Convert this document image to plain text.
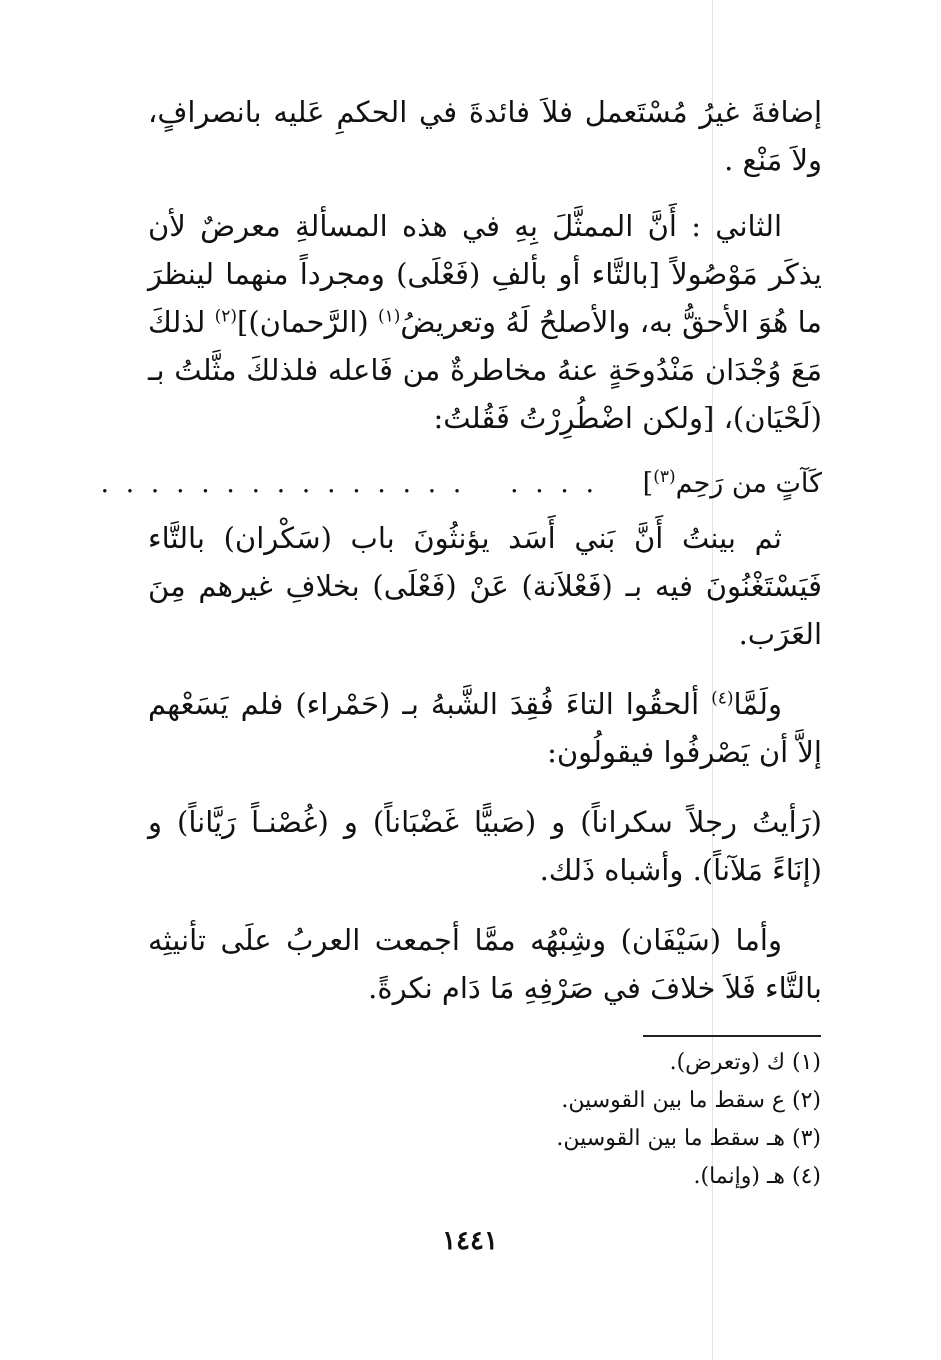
إضافةَ غيرُ مُسْتَعمل فلاَ فائدةَ في الحكمِ عَليه بانصرافٍ، ولاَ مَنْع .

الثاني : أَنَّ الممثَّلَ بِهِ في هذه المسألةِ معرضٌ لأن يذكَر مَوْصُولاً [بالتَّاء أو بألفِ (فَعْلَى) ومجرداً منهما لينظرَ ما هُوَ الأحقُّ به، والأصلحُ لَهُ وتعريضُ$^{(١)}$ (الرَّحمان)]$^{(٢)}$ لذلكَ مَعَ وُجْدَان مَنْدُوحَةٍ عنهُ مخاطرةٌ من فَاعله فلذلكَ مثَّلتُ بـ (لَحْيَان)، [ولكن اضْطُرِرْتُ فَقُلتُ:

كَآتٍ من رَحِم$^{(٣)}$] . . . . . . . . . . . . . . . . . . .

ثم بينتُ أَنَّ بَني أَسَد يؤنثُونَ باب (سَكْران) بالتَّاء فَيَسْتَغْنُونَ فيه بـ (فَعْلاَنة) عَنْ (فَعْلَى) بخلافِ غيرهم مِنَ العَرَب.

ولَمَّا$^{(٤)}$ ألحقُوا التاءَ فُقِدَ الشَّبهُ بـ (حَمْراء) فلم يَسَعْهم إلاَّ أن يَصْرفُوا فيقولُون:

(رَأيتُ رجلاً سكراناً) و (صَبيًّا غَضْبَاناً) و (غُصْنـاً رَيَّاناً) و (إنَاءً مَلآناً). وأشباه ذَلك.

وأما (سَيْفَان) وشِبْهُه ممَّا أجمعت العربُ علَى تأنيثِه بالتَّاء فَلاَ خلافَ في صَرْفِهِ مَا دَام نكرةً.

(١) ك (وتعرض).

(٢) ع سقط ما بين القوسين.

(٣) هـ سقط ما بين القوسين.

(٤) هـ (وإنما).

١٤٤١
